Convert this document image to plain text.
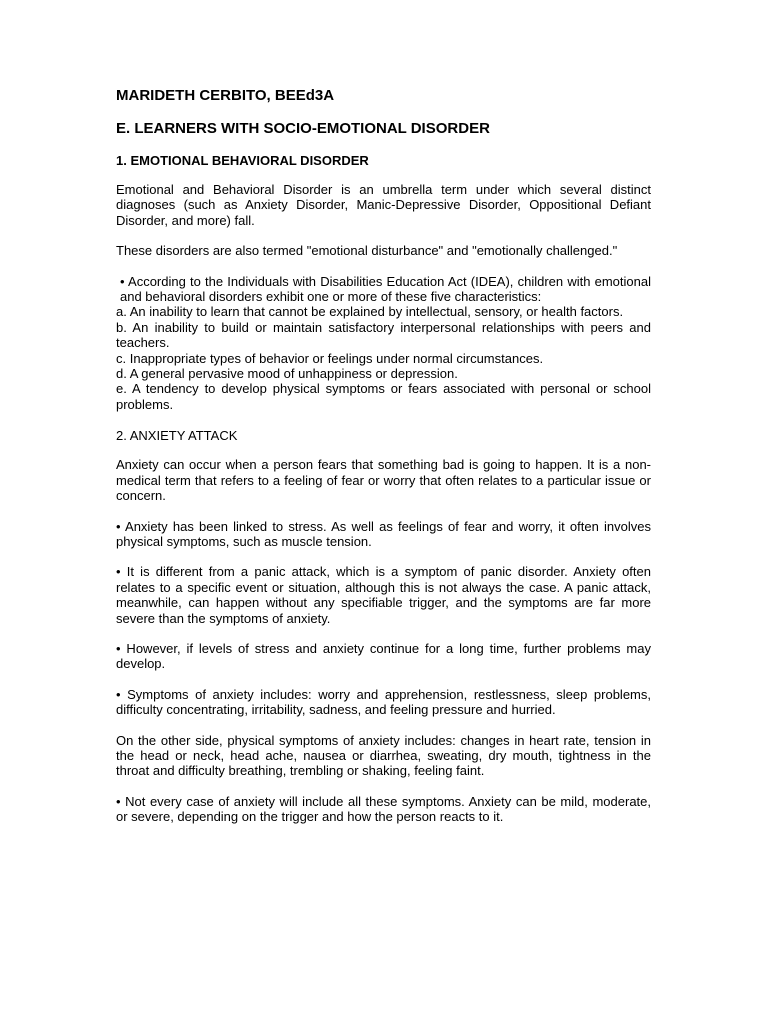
MARIDETH CERBITO, BEEd3A
E. LEARNERS WITH SOCIO-EMOTIONAL DISORDER
1. EMOTIONAL BEHAVIORAL DISORDER

Emotional and Behavioral Disorder is an umbrella term under which several distinct diagnoses (such as Anxiety Disorder, Manic-Depressive Disorder, Oppositional Defiant Disorder, and more) fall.

These disorders are also termed "emotional disturbance" and "emotionally challenged."

• According to the Individuals with Disabilities Education Act (IDEA), children with emotional and behavioral disorders exhibit one or more of these five characteristics:
a. An inability to learn that cannot be explained by intellectual, sensory, or health factors.
b. An inability to build or maintain satisfactory interpersonal relationships with peers and teachers.
c. Inappropriate types of behavior or feelings under normal circumstances.
d. A general pervasive mood of unhappiness or depression.
e. A tendency to develop physical symptoms or fears associated with personal or school problems.
2. ANXIETY ATTACK

Anxiety can occur when a person fears that something bad is going to happen. It is a non-medical term that refers to a feeling of fear or worry that often relates to a particular issue or concern.

• Anxiety has been linked to stress. As well as feelings of fear and worry, it often involves physical symptoms, such as muscle tension.

• It is different from a panic attack, which is a symptom of panic disorder. Anxiety often relates to a specific event or situation, although this is not always the case. A panic attack, meanwhile, can happen without any specifiable trigger, and the symptoms are far more severe than the symptoms of anxiety.

• However, if levels of stress and anxiety continue for a long time, further problems may develop.

• Symptoms of anxiety includes: worry and apprehension, restlessness, sleep problems, difficulty concentrating, irritability, sadness, and feeling pressure and hurried.

On the other side, physical symptoms of anxiety includes: changes in heart rate, tension in the head or neck, head ache, nausea or diarrhea, sweating, dry mouth, tightness in the throat and difficulty breathing, trembling or shaking, feeling faint.

• Not every case of anxiety will include all these symptoms. Anxiety can be mild, moderate, or severe, depending on the trigger and how the person reacts to it.
